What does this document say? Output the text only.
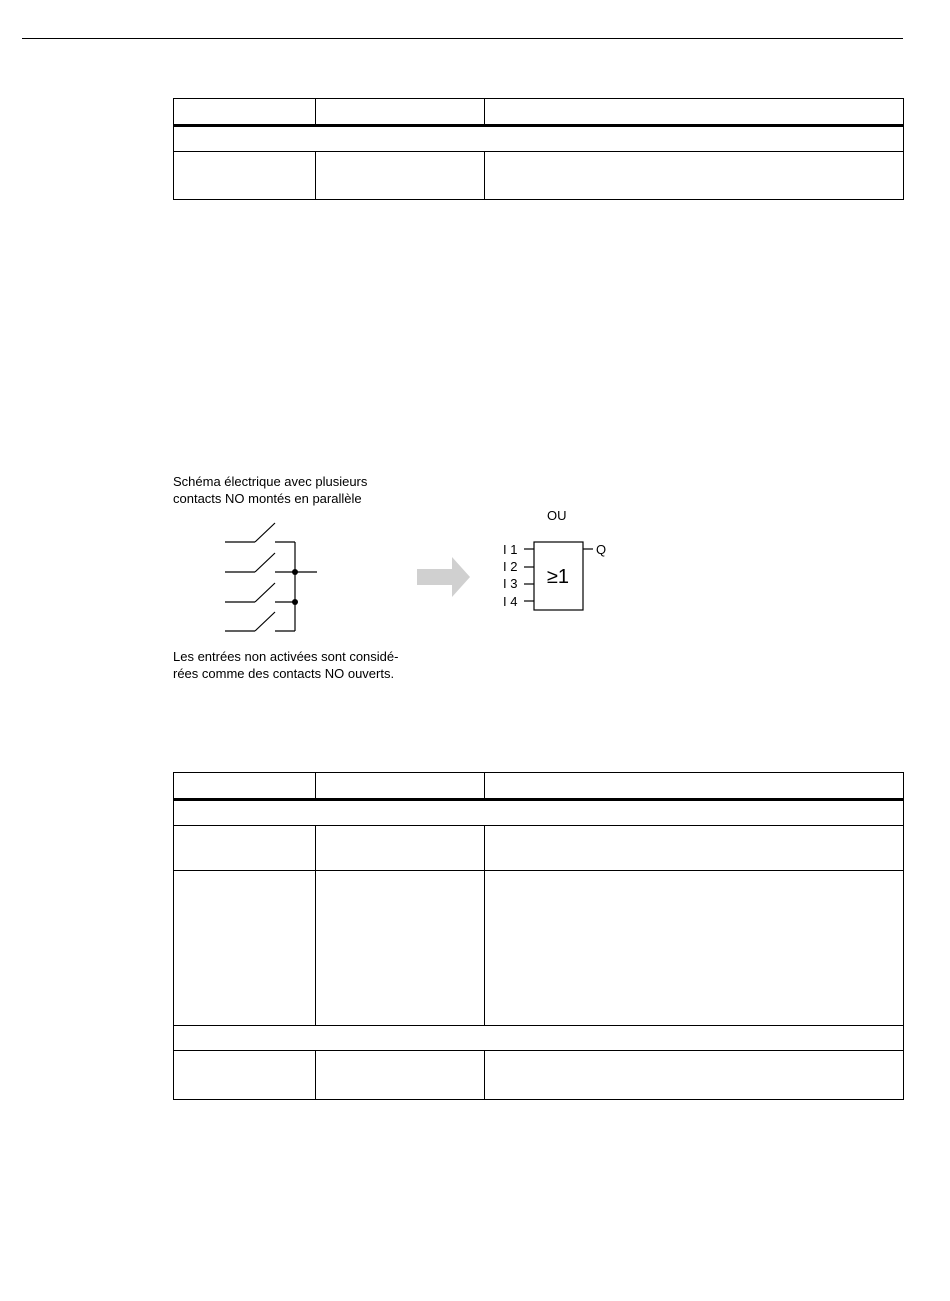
Schéma électrique avec plusieurs
contacts NO montés en parallèle
Les entrées non activées sont considé-
rées comme des contacts NO ouverts.
OU
≥1
I 1
I 2
I 3
I 4
Q
